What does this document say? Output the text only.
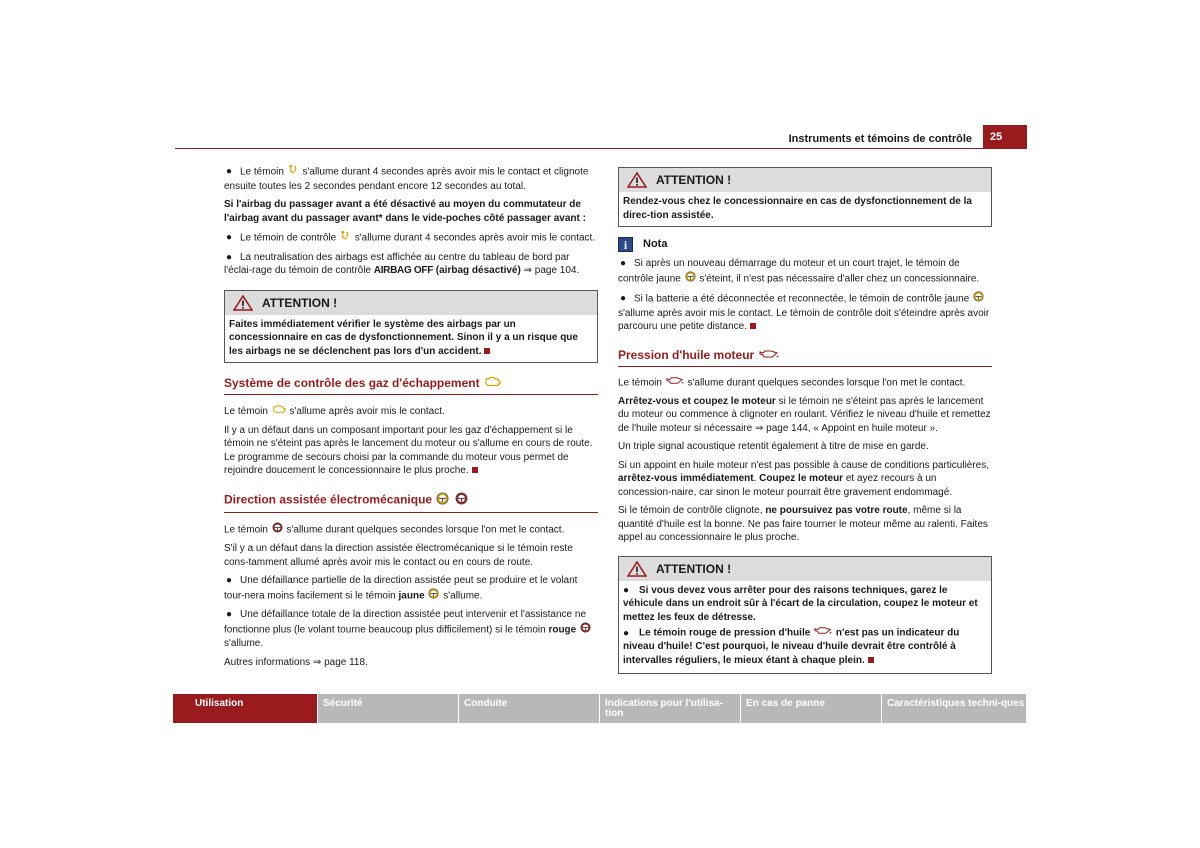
Instruments et témoins de contrôle	25

● Le témoin s'allume durant 4 secondes après avoir mis le contact et clignote ensuite toutes les 2 secondes pendant encore 12 secondes au total.

Si l'airbag du passager avant a été désactivé au moyen du commutateur de l'airbag avant du passager avant* dans le vide-poches côté passager avant :

● Le témoin de contrôle s'allume durant 4 secondes après avoir mis le contact.

● La neutralisation des airbags est affichée au centre du tableau de bord par l'éclai-rage du témoin de contrôle AIRBAG OFF (airbag désactivé) ⇒ page 104.

ATTENTION !
Faites immédiatement vérifier le système des airbags par un concessionnaire en cas de dysfonctionnement. Sinon il y a un risque que les airbags ne se déclenchent pas lors d'un accident.
Système de contrôle des gaz d'échappement

Le témoin s'allume après avoir mis le contact.

Il y a un défaut dans un composant important pour les gaz d'échappement si le témoin ne s'éteint pas après le lancement du moteur ou s'allume en cours de route. Le programme de secours choisi par la commande du moteur vous permet de rejoindre doucement le concessionnaire le plus proche.

Direction assistée électromécanique

Le témoin s'allume durant quelques secondes lorsque l'on met le contact.

S'il y a un défaut dans la direction assistée électromécanique si le témoin reste cons-tamment allumé après avoir mis le contact ou en cours de route.

● Une défaillance partielle de la direction assistée peut se produire et le volant tour-nera moins facilement si le témoin jaune s'allume.

● Une défaillance totale de la direction assistée peut intervenir et l'assistance ne fonctionne plus (le volant tourne beaucoup plus difficilement) si le témoin rouge  s'allume.

Autres informations ⇒ page 118.

ATTENTION !
Rendez-vous chez le concessionnaire en cas de dysfonctionnement de la direc-tion assistée.
i	Nota

● Si après un nouveau démarrage du moteur et un court trajet, le témoin de contrôle jaune s'éteint, il n'est pas nécessaire d'aller chez un concessionnaire.

● Si la batterie a été déconnectée et reconnectée, le témoin de contrôle jaune  s'allume après avoir mis le contact. Le témoin de contrôle doit s'éteindre après avoir parcouru une petite distance.

Pression d'huile moteur

Le témoin	s'allume durant quelques secondes lorsque l'on met le contact.

Arrêtez-vous et coupez le moteur si le témoin ne s'éteint pas après le lancement du moteur ou commence à clignoter en roulant. Vérifiez le niveau d'huile et remettez de l'huile moteur si nécessaire ⇒ page 144, « Appoint en huile moteur ».

Un triple signal acoustique retentit également à titre de mise en garde.

Si un appoint en huile moteur n'est pas possible à cause de conditions particulières, arrêtez-vous immédiatement. Coupez le moteur et ayez recours à un concession-naire, car sinon le moteur pourrait être gravement endommagé.

Si le témoin de contrôle clignote, ne poursuivez pas votre route, même si la quantité d'huile est la bonne. Ne pas faire tourner le moteur même au ralenti. Faites appel au concessionnaire le plus proche.

ATTENTION !

● Si vous devez vous arrêter pour des raisons techniques, garez le véhicule dans un endroit sûr à l'écart de la circulation, coupez le moteur et mettez les feux de détresse.

● Le témoin rouge de pression d'huile	n'est pas un indicateur du niveau d'huile! C'est pourquoi, le niveau d'huile devrait être contrôlé à intervalles réguliers, le mieux étant à chaque plein.

Utilisation	Sécurité	Conduite	Indications pour l'utilisa-tion
En cas de panne	Caractéristiques techni-ques
